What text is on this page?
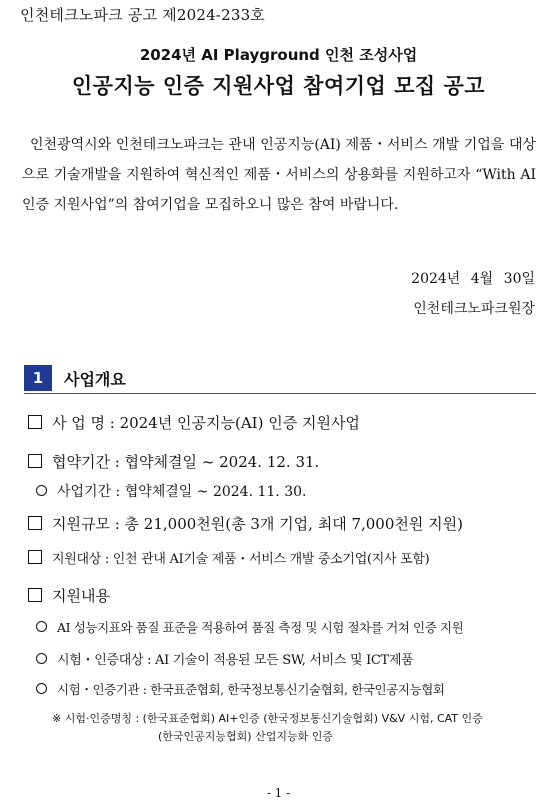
인천테크노파크 공고 제2024-233호
2024년 AI Playground 인천 조성사업
인공지능 인증 지원사업 참여기업 모집 공고
인천광역시와 인천테크노파크는 관내 인공지능(AI) 제품・서비스 개발 기업을 대상으로 기술개발을 지원하여 혁신적인 제품・서비스의 상용화를 지원하고자 “With AI 인증 지원사업”의 참여기업을 모집하오니 많은 참여 바랍니다.
2024년 4월 30일
인천테크노파크원장
1	사업개요
사 업 명 : 2024년 인공지능(AI) 인증 지원사업
협약기간 : 협약체결일 ~ 2024. 12. 31.
사업기간 : 협약체결일 ~ 2024. 11. 30.
지원규모 : 총 21,000천원(총 3개 기업, 최대 7,000천원 지원)
지원대상 : 인천 관내 AI기술 제품・서비스 개발 중소기업(지사 포함)
지원내용
AI 성능지표와 품질 표준을 적용하여 품질 측정 및 시험 절차를 거쳐 인증 지원
시험・인증대상 : AI 기술이 적용된 모든 SW, 서비스 및 ICT제품
시험・인증기관 : 한국표준협회, 한국정보통신기술협회, 한국인공지능협회
※ 시험·인증명칭 : (한국표준협회) AI+인증 (한국정보통신기술협회) V&V 시험, CAT 인증
(한국인공지능협회) 산업지능화 인증
- 1 -
